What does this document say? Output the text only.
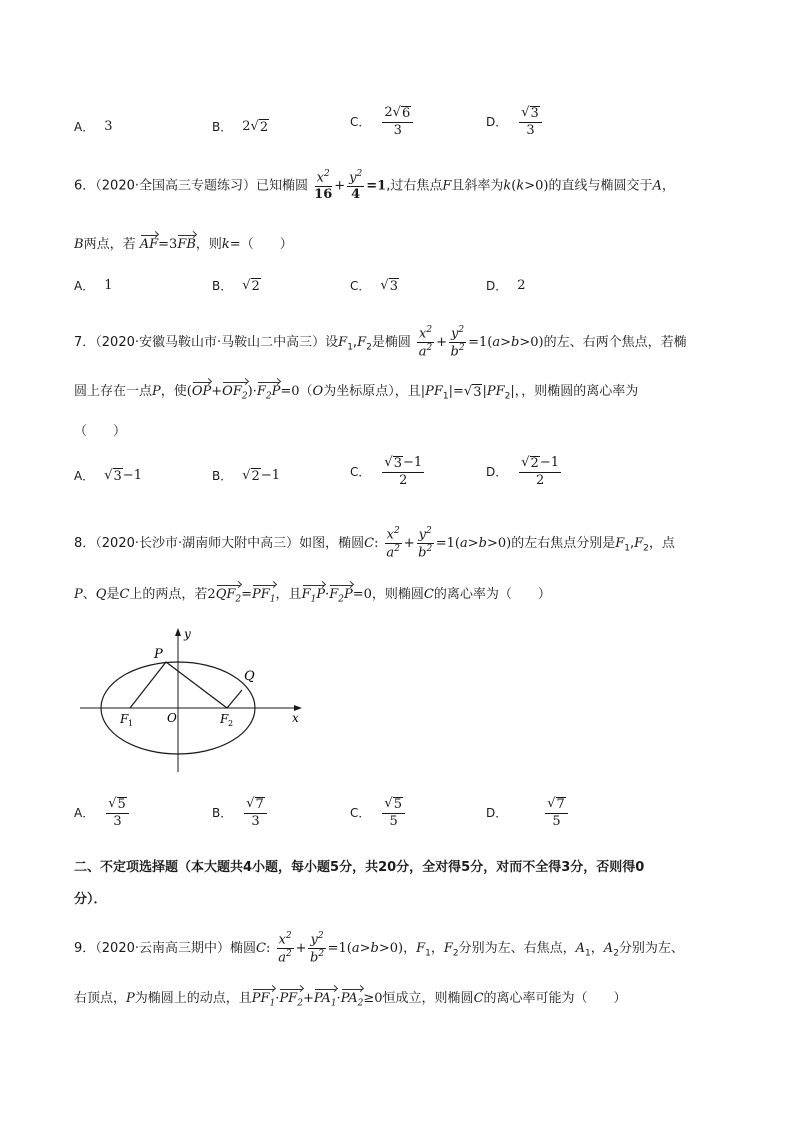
A． 3	B． 2 √ 2	C． $\frac{2 √ 6}{3}$	D． $\frac{√ 3}{3}$
6．（2020·全国高三专题练习）已知椭圆 $\frac{x^2}{16} + \frac{y^2}{4} =1$,过右焦点F且斜率为k(k>0)的直线与椭圆交于A，
B两点，若 AF=3FB，则k=（　　）
A． 1	B． √ 2	C． √ 3	D． 2
7．（2020·安徽马鞍山市·马鞍山二中高三）设$F_1,F_2$是椭圆 $\frac{x^2}{a^2} + \frac{y^2}{b^2} =1(a>b>0)$的左、右两个焦点，若椭
圆上存在一点P，使$(OP+OF_2)\cdot F_2P=0(O$为坐标原点），且$|PF_1|=$ √ 3 $|PF_2|$，，则椭圆的离心率为
（　　）
A． √ 3 −1	B． √ 2 −1	C． $\frac{√ 3 -1}{2}$	D． $\frac{√ 2 -1}{2}$
8．（2020·长沙市·湖南师大附中高三）如图，椭圆C: $\frac{x^2}{a^2} + \frac{y^2}{b^2} =1(a>b>0)$的左右焦点分别是$F_1,F_2$，点
P、Q是C上的两点，若$2QF_2=PF_1$，且$F_1P\cdot F_2P=0$，则椭圆C的离心率为（　　）
P
Q
O
F 1	F 2	x
y
A． $\frac{√ 5}{3}$	B． $\frac{√ 7}{3}$	C． $\frac{√ 5}{5}$	D．	$\frac{√ 7}{5}$
二、不定项选择题（本大题共4小题，每小题5分，共20分，全对得5分，对而不全得3分，否则得0
分）．
9．（2020·云南高三期中）椭圆C: $\frac{x^2}{a^2} + \frac{y^2}{b^2} =1(a>b>0)$，$F_1$，$F_2$分别为左、右焦点，$A_1$，$A_2$分别为左、
右顶点，P为椭圆上的动点，且$PF_1\cdot PF_2+PA_1\cdot PA_2\ge 0$恒成立，则椭圆C的离心率可能为（　　）
